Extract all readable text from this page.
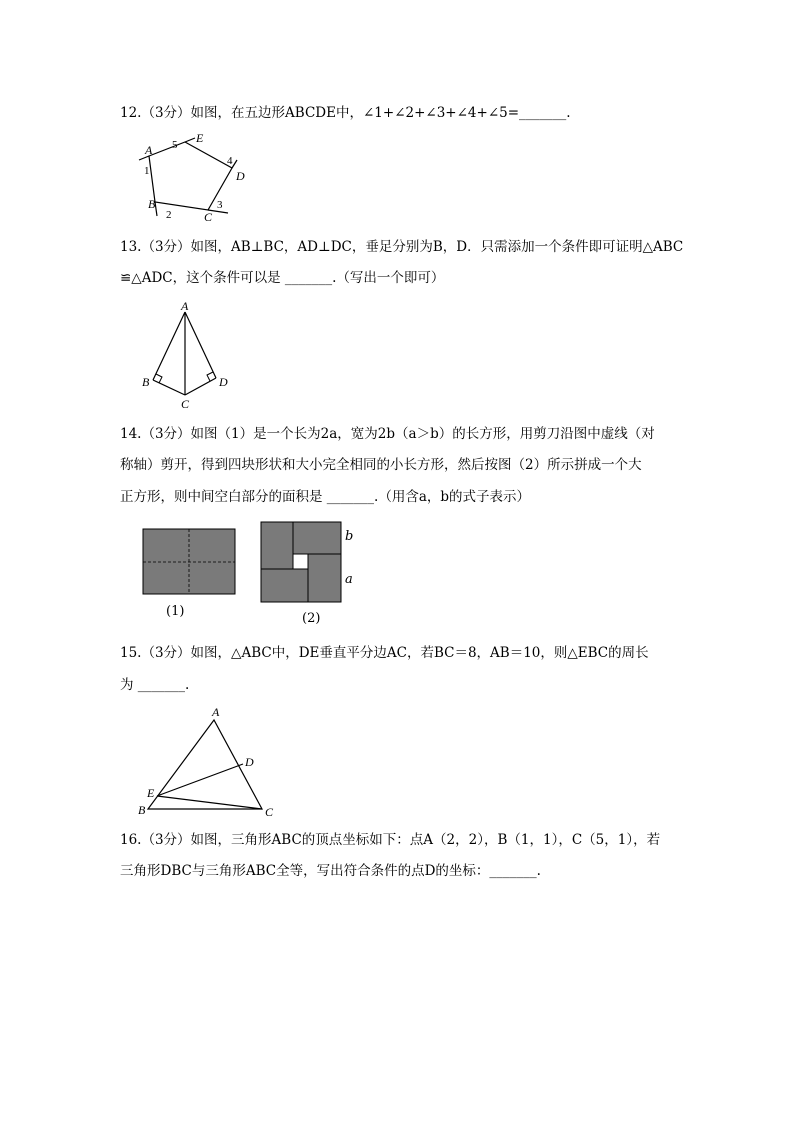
12.（3分）如图，在五边形ABCDE中，∠1+∠2+∠3+∠4+∠5=_______.
A
E
D
C
B
1
2
3
4
5
13.（3分）如图，AB⊥BC，AD⊥DC，垂足分别为B，D．只需添加一个条件即可证明△ABC
≌△ADC，这个条件可以是 _______.（写出一个即可）
A
B
C
D
14.（3分）如图（1）是一个长为2a，宽为2b（a＞b）的长方形，用剪刀沿图中虚线（对
称轴）剪开，得到四块形状和大小完全相同的小长方形，然后按图（2）所示拼成一个大
正方形，则中间空白部分的面积是 _______.（用含a，b的式子表示）
(1)
b
a
(2)
15.（3分）如图，△ABC中，DE垂直平分边AC，若BC＝8，AB＝10，则△EBC的周长
为 _______.
A
D
E
B	C
16.（3分）如图，三角形ABC的顶点坐标如下：点A（2，2），B（1，1），C（5，1），若
三角形DBC与三角形ABC全等，写出符合条件的点D的坐标：_______.
